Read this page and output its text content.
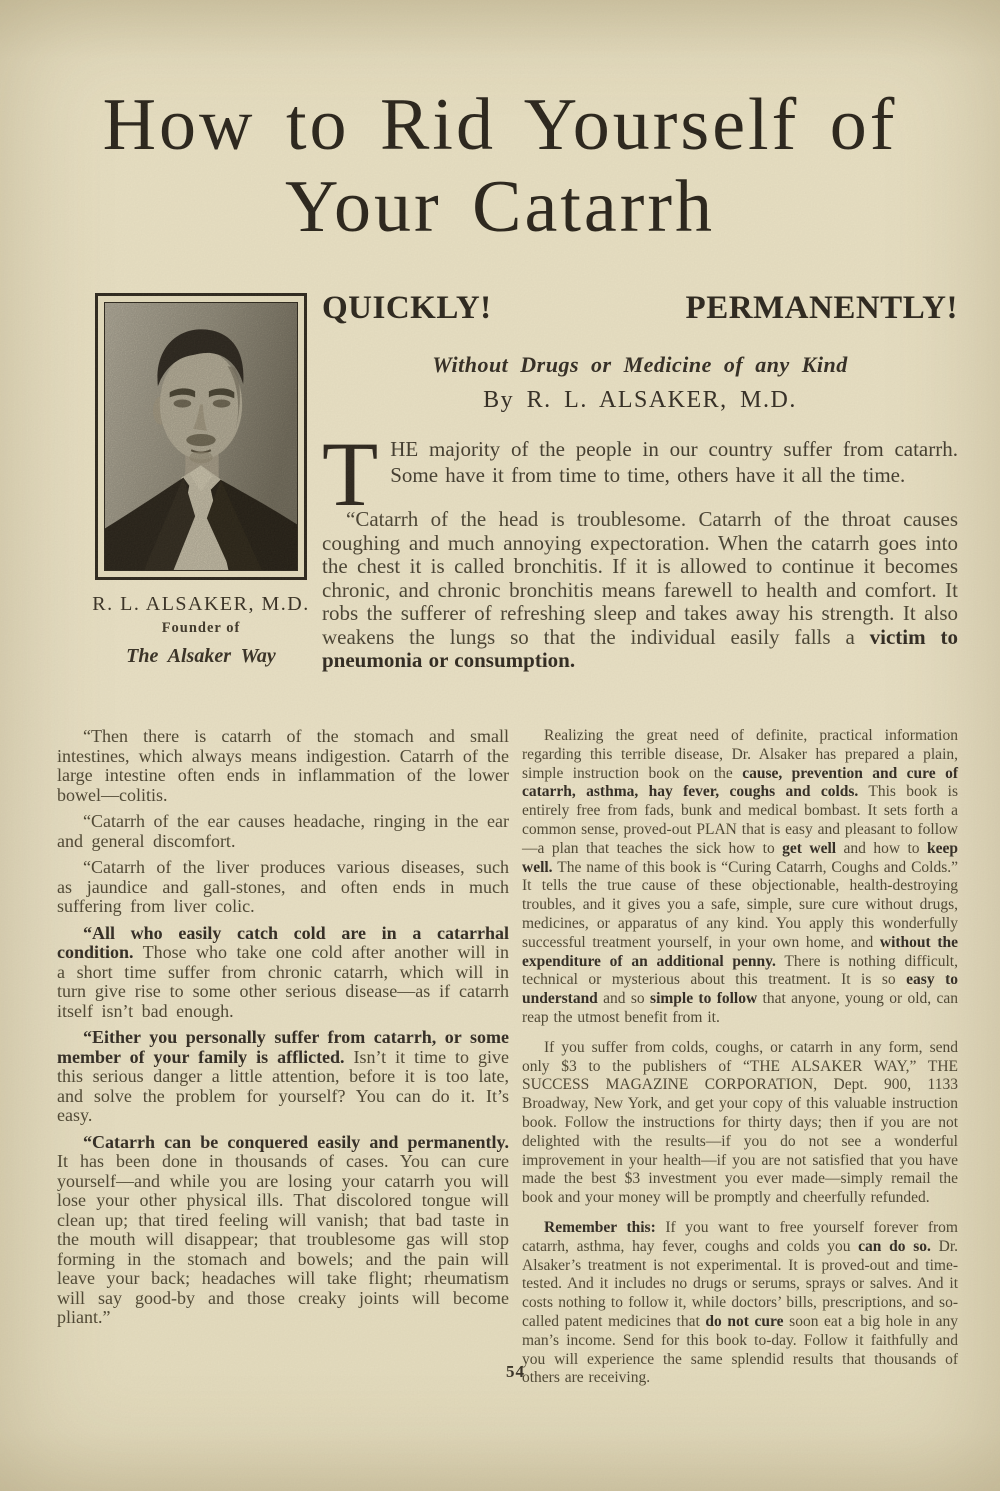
How to Rid Yourself of
Your Catarrh
R. L. ALSAKER, M.D.
Founder of
The Alsaker Way
QUICKLY!	PERMANENTLY!
Without Drugs or Medicine of any Kind
By R. L. ALSAKER, M.D.

THE majority of the people in our country suffer from catarrh. Some have it from time to time, others have it all the time.

“Catarrh of the head is troublesome. Catarrh of the throat causes coughing and much annoying expectoration. When the catarrh goes into the chest it is called bronchitis. If it is allowed to continue it becomes chronic, and chronic bronchitis means farewell to health and comfort. It robs the sufferer of refreshing sleep and takes away his strength. It also weakens the lungs so that the individual easily falls a victim to pneumonia or consumption.

“Then there is catarrh of the stomach and small intestines, which always means indigestion. Catarrh of the large intestine often ends in inflammation of the lower bowel—colitis.

“Catarrh of the ear causes headache, ringing in the ear and general discomfort.

“Catarrh of the liver produces various diseases, such as jaundice and gall-stones, and often ends in much suffering from liver colic.

“All who easily catch cold are in a catarrhal condition. Those who take one cold after another will in a short time suffer from chronic catarrh, which will in turn give rise to some other serious disease—as if catarrh itself isn’t bad enough.

“Either you personally suffer from catarrh, or some member of your family is afflicted. Isn’t it time to give this serious danger a little attention, before it is too late, and solve the problem for yourself? You can do it. It’s easy.

“Catarrh can be conquered easily and permanently. It has been done in thousands of cases. You can cure yourself—and while you are losing your catarrh you will lose your other physical ills. That discolored tongue will clean up; that tired feeling will vanish; that bad taste in the mouth will disappear; that troublesome gas will stop forming in the stomach and bowels; and the pain will leave your back; headaches will take flight; rheumatism will say good-by and those creaky joints will become pliant.”

Realizing the great need of definite, practical information regarding this terrible disease, Dr. Alsaker has prepared a plain, simple instruction book on the cause, prevention and cure of catarrh, asthma, hay fever, coughs and colds. This book is entirely free from fads, bunk and medical bombast. It sets forth a common sense, proved-out PLAN that is easy and pleasant to follow—a plan that teaches the sick how to get well and how to keep well. The name of this book is “Curing Catarrh, Coughs and Colds.” It tells the true cause of these objectionable, health-destroying troubles, and it gives you a safe, simple, sure cure without drugs, medicines, or apparatus of any kind. You apply this wonderfully successful treatment yourself, in your own home, and without the expenditure of an additional penny. There is nothing difficult, technical or mysterious about this treatment. It is so easy to understand and so simple to follow that anyone, young or old, can reap the utmost benefit from it.

If you suffer from colds, coughs, or catarrh in any form, send only $3 to the publishers of “THE ALSAKER WAY,” THE SUCCESS MAGAZINE CORPORATION, Dept. 900, 1133 Broadway, New York, and get your copy of this valuable instruction book. Follow the instructions for thirty days; then if you are not delighted with the results—if you do not see a wonderful improvement in your health—if you are not satisfied that you have made the best $3 investment you ever made—simply remail the book and your money will be promptly and cheerfully refunded.

Remember this: If you want to free yourself forever from catarrh, asthma, hay fever, coughs and colds you can do so. Dr. Alsaker’s treatment is not experimental. It is proved-out and time-tested. And it includes no drugs or serums, sprays or salves. And it costs nothing to follow it, while doctors’ bills, prescriptions, and so-called patent medicines that do not cure soon eat a big hole in any man’s income. Send for this book to-day. Follow it faithfully and you will experience the same splendid results that thousands of others are receiving.

54
